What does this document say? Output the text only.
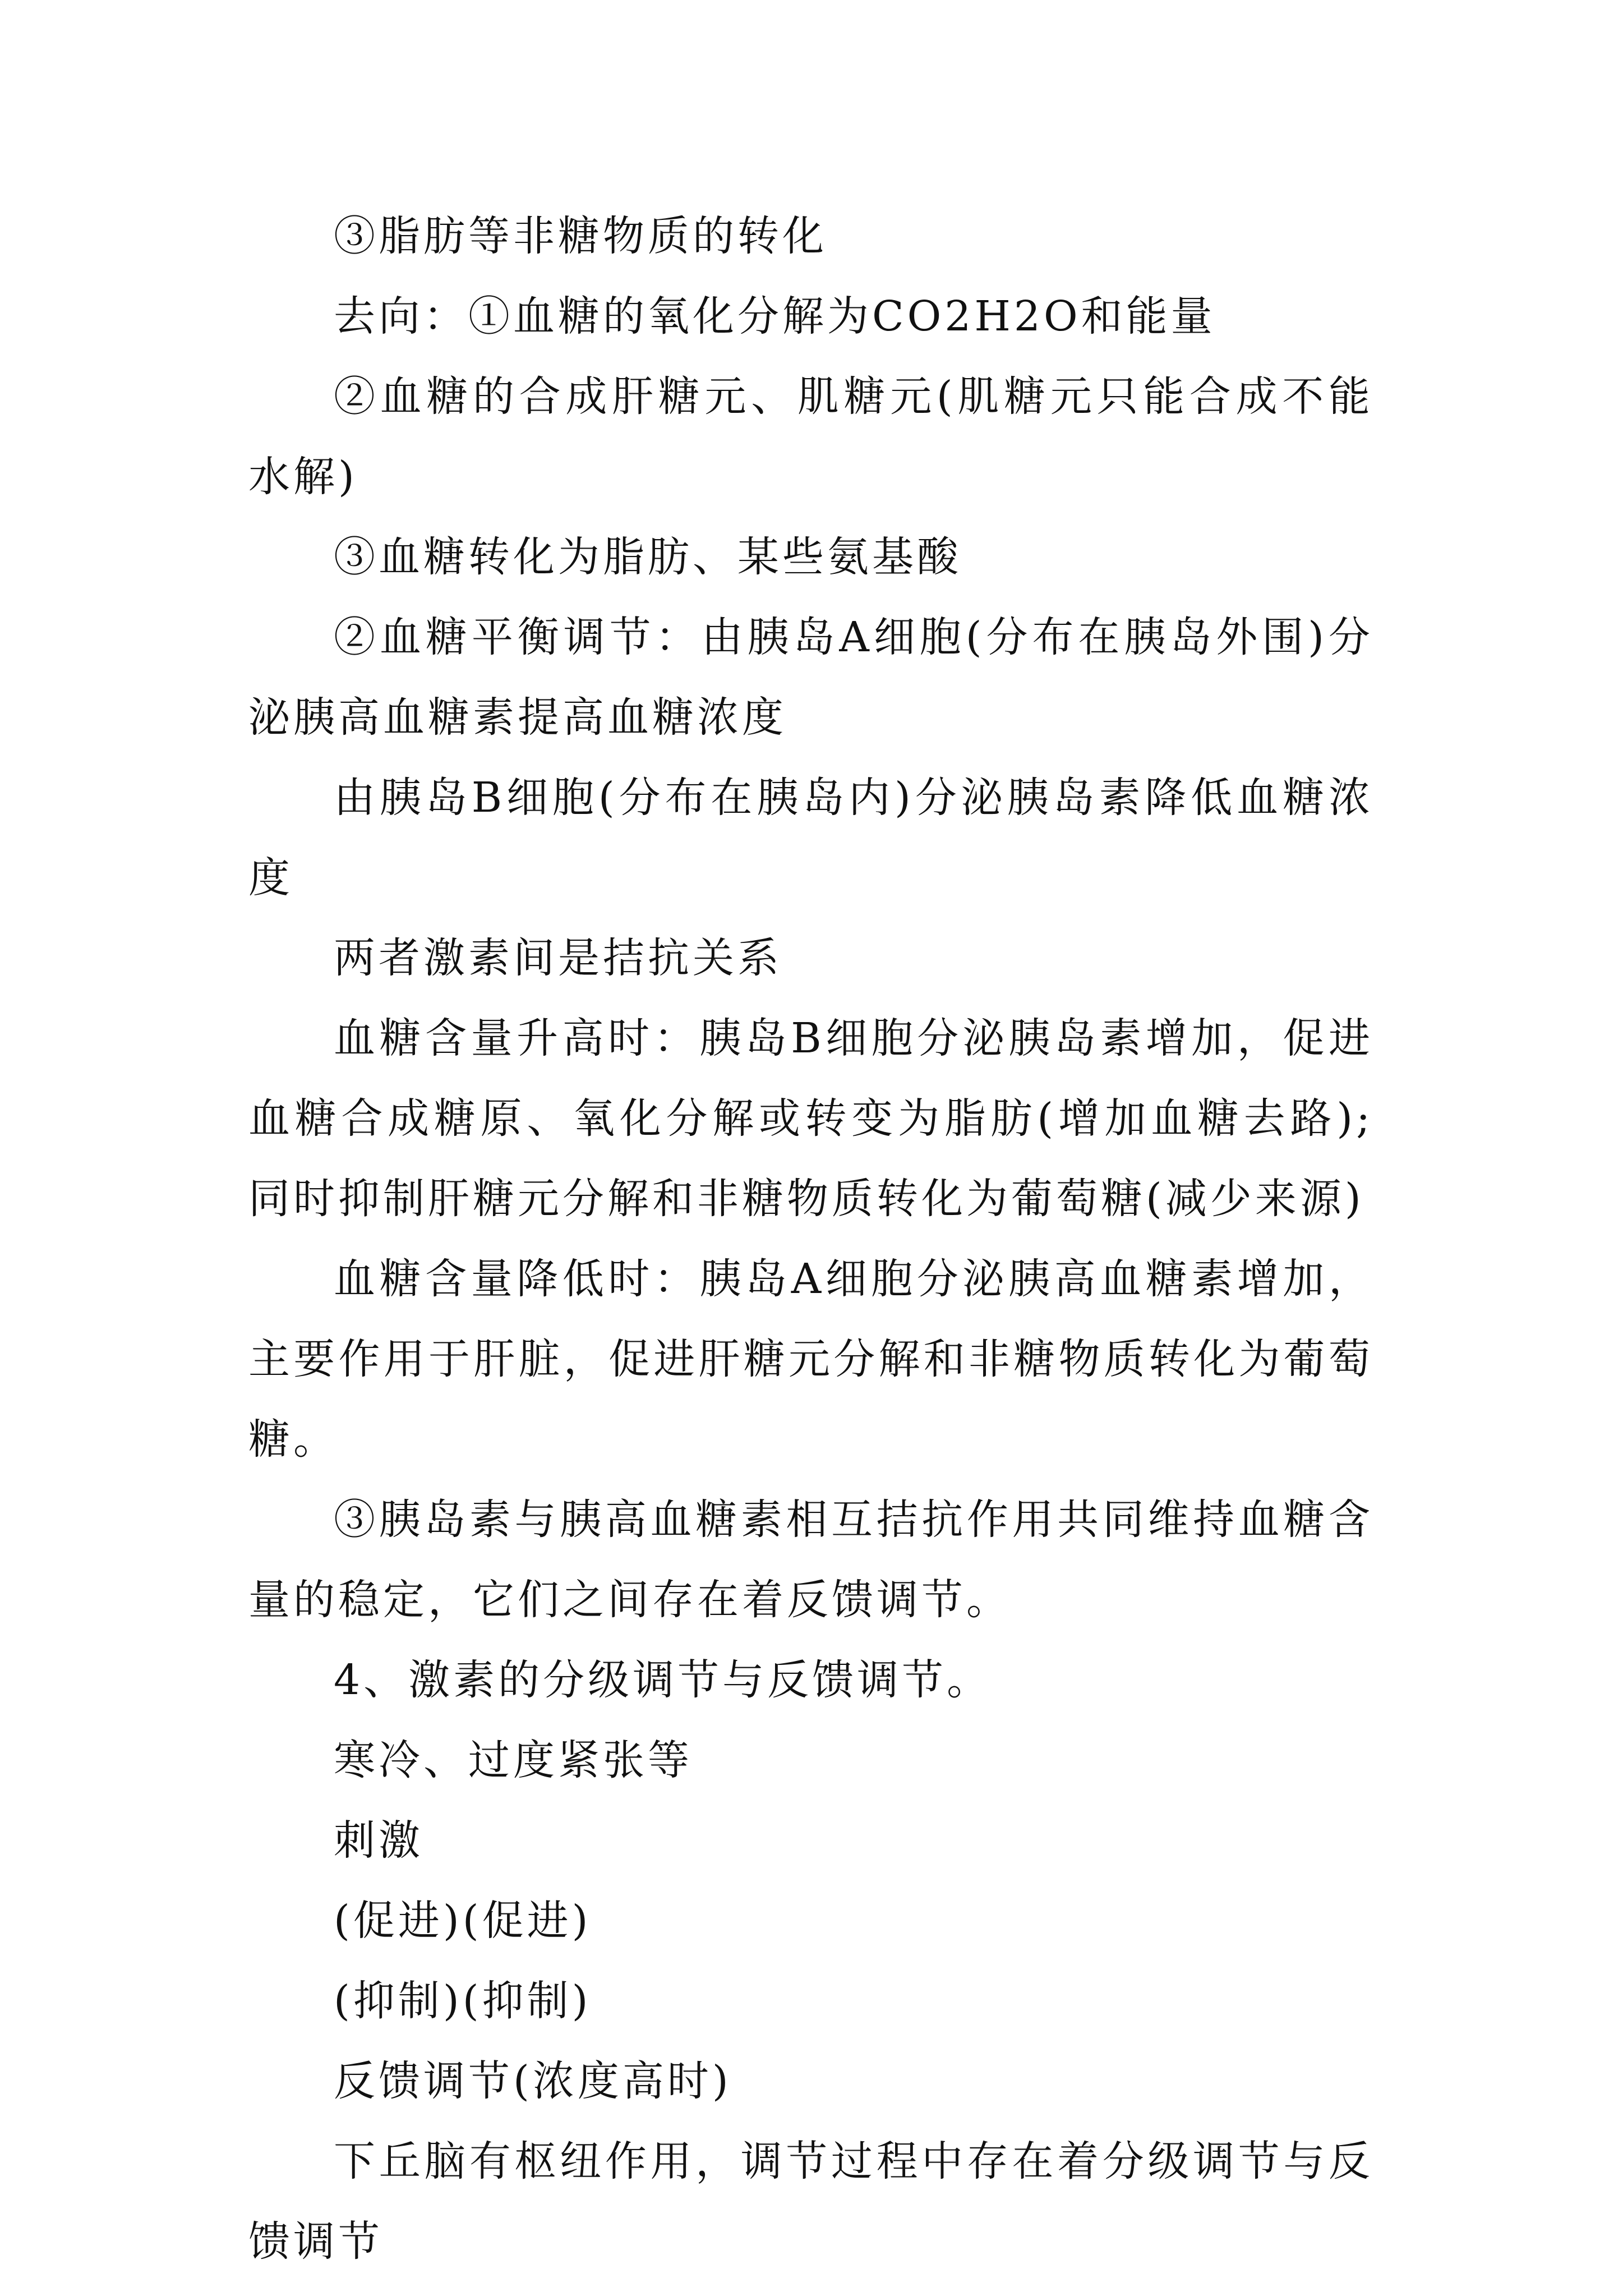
③脂肪等非糖物质的转化

去向：①血糖的氧化分解为CO2H2O和能量

②血糖的合成肝糖元、肌糖元(肌糖元只能合成不能水解)

③血糖转化为脂肪、某些氨基酸

②血糖平衡调节：由胰岛A细胞(分布在胰岛外围)分泌胰高血糖素提高血糖浓度

由胰岛B细胞(分布在胰岛内)分泌胰岛素降低血糖浓度

两者激素间是拮抗关系

血糖含量升高时：胰岛B细胞分泌胰岛素增加，促进血糖合成糖原、氧化分解或转变为脂肪(增加血糖去路);同时抑制肝糖元分解和非糖物质转化为葡萄糖(减少来源)

血糖含量降低时：胰岛A细胞分泌胰高血糖素增加，主要作用于肝脏，促进肝糖元分解和非糖物质转化为葡萄糖。

③胰岛素与胰高血糖素相互拮抗作用共同维持血糖含量的稳定，它们之间存在着反馈调节。

4、激素的分级调节与反馈调节。

寒冷、过度紧张等

刺激

(促进)(促进)

(抑制)(抑制)

反馈调节(浓度高时)

下丘脑有枢纽作用，调节过程中存在着分级调节与反馈调节
